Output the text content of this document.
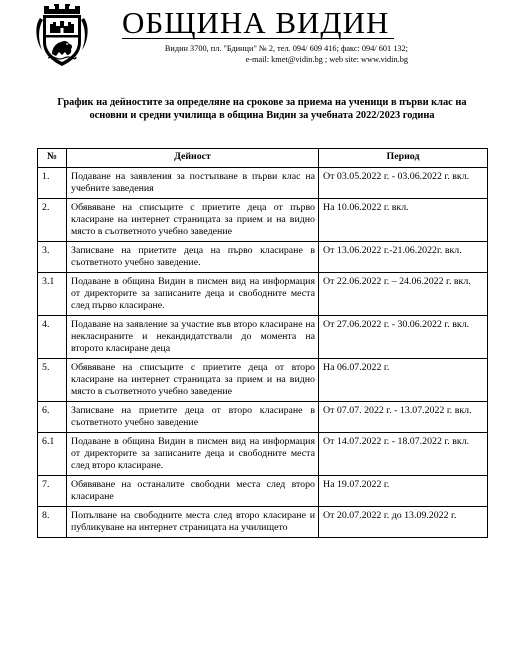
ОБЩИНА ВИДИН
Видин 3700, пл. "Бдинци" № 2, тел. 094/ 609 416; факс: 094/ 601 132;
e-mail: kmet@vidin.bg ; web site: www.vidin.bg
График на дейностите за определяне на срокове за приема на ученици в първи клас на
основни и средни училища в община Видин за учебната 2022/2023 година
№	Дейност	Период
1.	Подаване на заявления за постъпване в първи клас на учебните заведения	От 03.05.2022 г. - 03.06.2022 г. вкл.
2.	Обявяване на списъците с приетите деца от първо класиране на интернет страницата за прием и на видно място в съответното учебно заведение	На 10.06.2022 г. вкл.
3.	Записване на приетите деца на първо класиране в съответното учебно заведение.	От 13.06.2022 г.-21.06.2022г. вкл.
3.1	Подаване в община Видин в писмен вид на информация от директорите за записаните деца и свободните места след първо класиране.	От 22.06.2022 г. – 24.06.2022 г. вкл.
4.	Подаване на заявление за участие във второ класиране на некласираните и некандидатствали до момента на второто класиране деца	От 27.06.2022 г. - 30.06.2022 г. вкл.
5.	Обявяване на списъците с приетите деца от второ класиране на интернет страницата за прием и на видно място в съответното учебно заведение	На 06.07.2022 г.
6.	Записване на приетите деца от второ класиране в съответното учебно заведение	От 07.07. 2022 г. - 13.07.2022 г. вкл.
6.1	Подаване в община Видин в писмен вид на информация от директорите за записаните деца и свободните места след второ класиране.	От 14.07.2022 г. - 18.07.2022 г. вкл.
7.	Обявяване на останалите свободни места след второ класиране	На 19.07.2022 г.
8.	Попълване на свободните места след второ класиране и публикуване на интернет страницата на училището	От 20.07.2022 г. до 13.09.2022 г.
